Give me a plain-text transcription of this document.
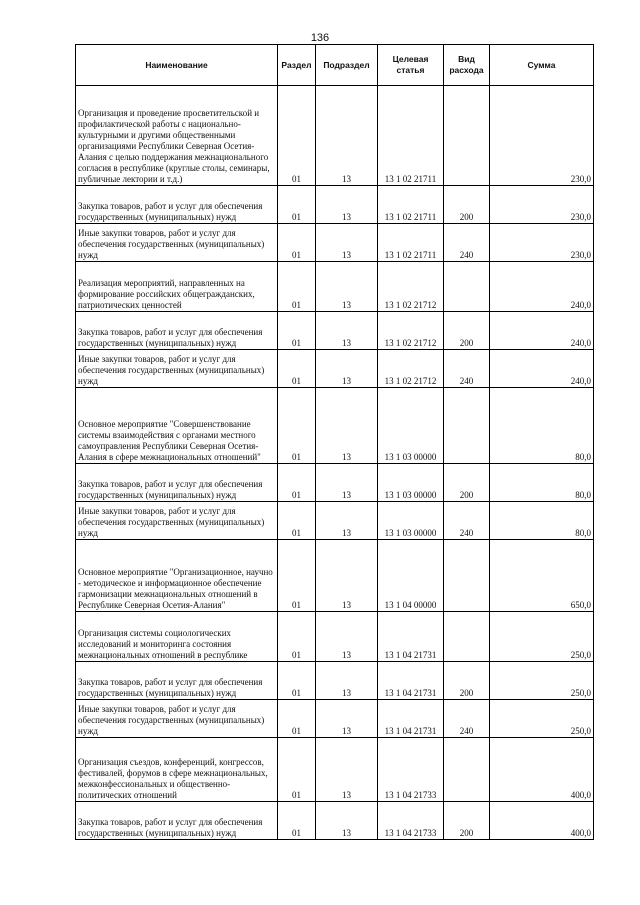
136
Наименование	Раздел	Подраздел	Целевая статья	Вид расхода	Сумма

Организация и проведение просветительской и профилактической работы с национально-культурными и другими общественными организациями Республики Северная Осетия-Алания с целью поддержания межнационального согласия в республике (круглые столы, семинары, публичные лектории и т.д.)	01	13	13 1 02 21711		230,0

Закупка товаров, работ и услуг для обеспечения государственных (муниципальных) нужд	01	13	13 1 02 21711	200	230,0

Иные закупки товаров, работ и услуг для обеспечения государственных (муниципальных) нужд	01	13	13 1 02 21711	240	230,0

Реализация мероприятий, направленных на формирование российских общегражданских, патриотических ценностей	01	13	13 1 02 21712		240,0

Закупка товаров, работ и услуг для обеспечения государственных (муниципальных) нужд	01	13	13 1 02 21712	200	240,0

Иные закупки товаров, работ и услуг для обеспечения государственных (муниципальных) нужд	01	13	13 1 02 21712	240	240,0

Основное мероприятие "Совершенствование системы взаимодействия с органами местного самоуправления Республики Северная Осетия-Алания в сфере межнациональных отношений"	01	13	13 1 03 00000		80,0

Закупка товаров, работ и услуг для обеспечения государственных (муниципальных) нужд	01	13	13 1 03 00000	200	80,0

Иные закупки товаров, работ и услуг для обеспечения государственных (муниципальных) нужд	01	13	13 1 03 00000	240	80,0

Основное мероприятие "Организационное, научно - методическое и информационное обеспечение гармонизации межнациональных отношений в Республике Северная Осетия-Алания"	01	13	13 1 04 00000		650,0

Организация системы социологических исследований и мониторинга состояния межнациональных отношений в республике	01	13	13 1 04 21731		250,0

Закупка товаров, работ и услуг для обеспечения государственных (муниципальных) нужд	01	13	13 1 04 21731	200	250,0

Иные закупки товаров, работ и услуг для обеспечения государственных (муниципальных) нужд	01	13	13 1 04 21731	240	250,0

Организация съездов, конференций, конгрессов, фестивалей, форумов в сфере межнациональных, межконфессиональных и общественно-политических отношений	01	13	13 1 04 21733		400,0

Закупка товаров, работ и услуг для обеспечения государственных (муниципальных) нужд	01	13	13 1 04 21733	200	400,0
